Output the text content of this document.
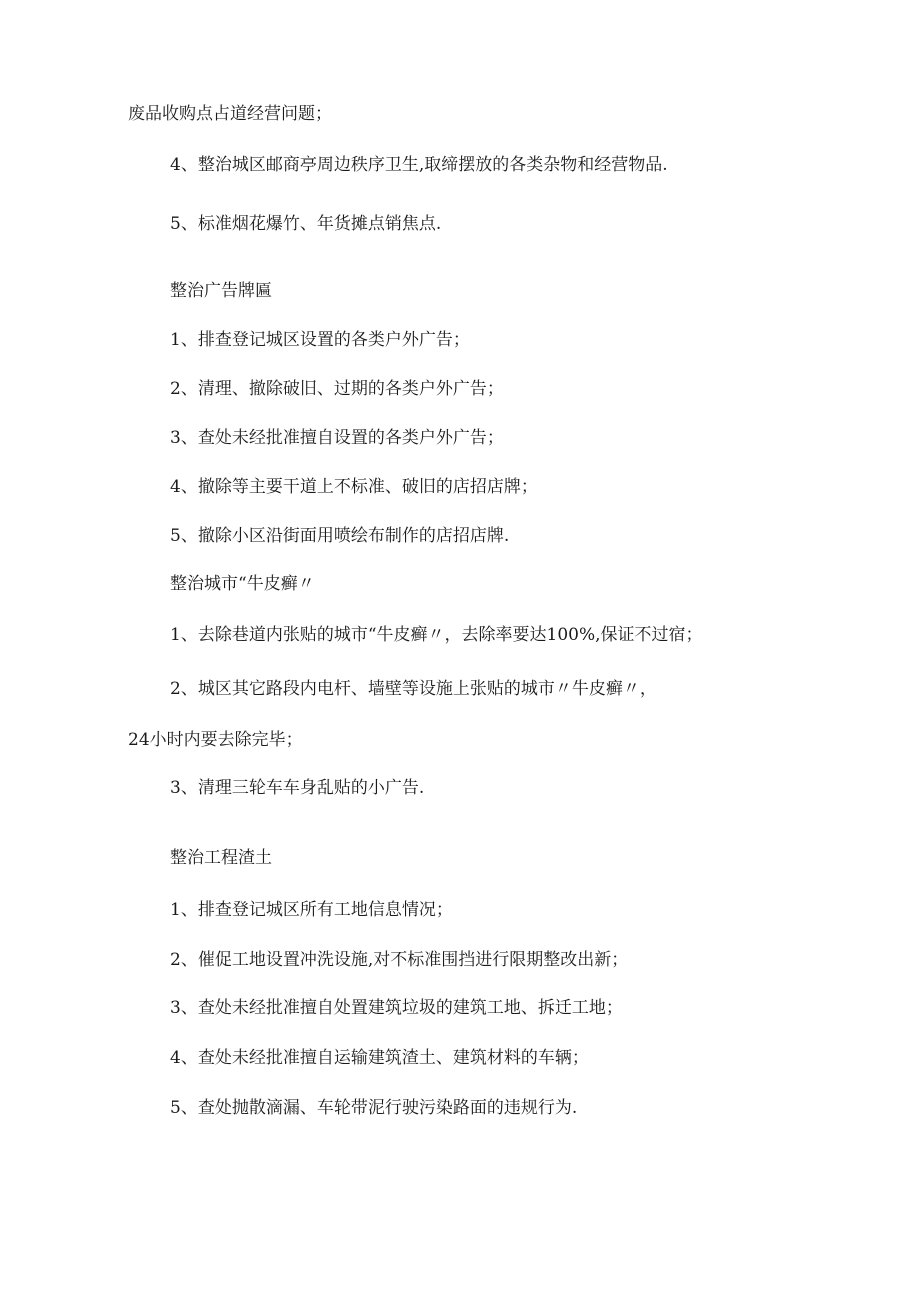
废品收购点占道经营问题；

4、整治城区邮商亭周边秩序卫生,取缔摆放的各类杂物和经营物品.

5、标准烟花爆竹、年货摊点销焦点.

整治广告牌匾

1、排查登记城区设置的各类户外广告；

2、清理、撤除破旧、过期的各类户外广告；

3、查处未经批准擅自设置的各类户外广告；

4、撤除等主要干道上不标准、破旧的店招店牌；

5、撤除小区沿街面用喷绘布制作的店招店牌.

整治城市“牛皮癣〃

1、去除巷道内张贴的城市“牛皮癣〃，去除率要达100%,保证不过宿；

2、城区其它路段内电杆、墙壁等设施上张贴的城市〃牛皮癣〃，

24小时内要去除完毕；

3、清理三轮车车身乱贴的小广告.

整治工程渣土

1、排查登记城区所有工地信息情况；

2、催促工地设置冲洗设施,对不标准围挡进行限期整改出新；

3、查处未经批准擅自处置建筑垃圾的建筑工地、拆迁工地；

4、查处未经批准擅自运输建筑渣土、建筑材料的车辆；

5、查处抛散滴漏、车轮带泥行驶污染路面的违规行为.
